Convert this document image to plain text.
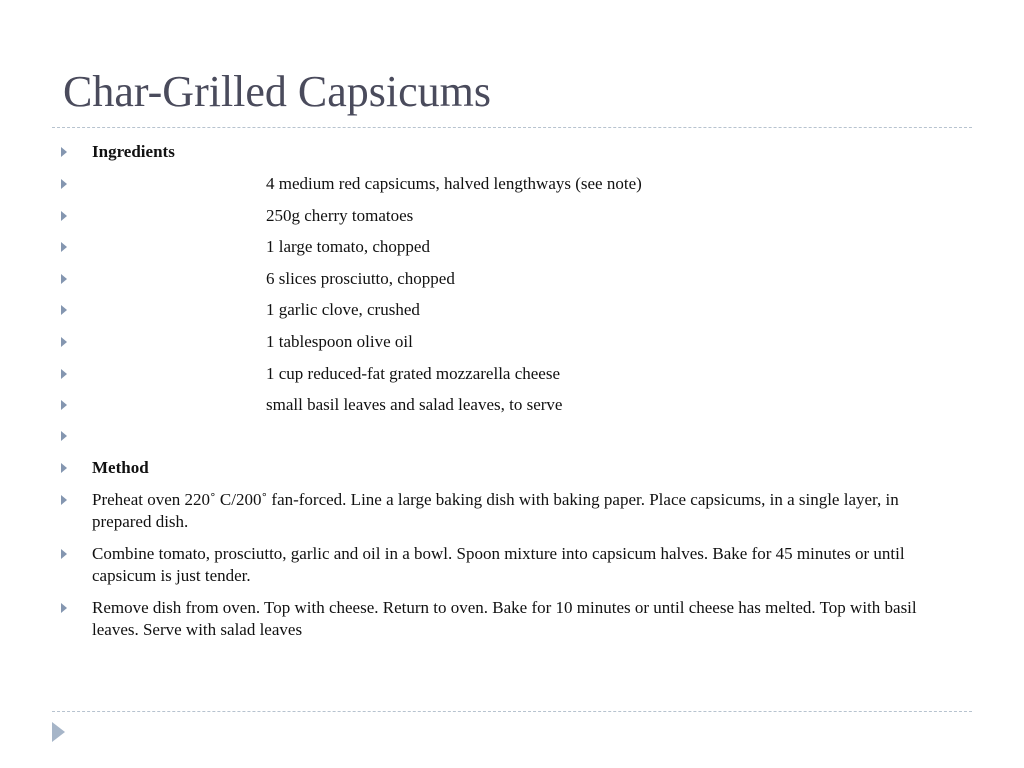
Char-Grilled Capsicums
Ingredients
4 medium red capsicums, halved lengthways (see note)
250g cherry tomatoes
1 large tomato, chopped
6 slices prosciutto, chopped
1 garlic clove, crushed
1 tablespoon olive oil
1 cup reduced-fat grated mozzarella cheese
small basil leaves and salad leaves, to serve
Method
Preheat oven 220˚ C/200˚ fan-forced. Line a large baking dish with baking paper. Place capsicums, in a single layer, in prepared dish.
Combine tomato, prosciutto, garlic and oil in a bowl. Spoon mixture into capsicum halves. Bake for 45 minutes or until capsicum is just tender.
Remove dish from oven. Top with cheese. Return to oven. Bake for 10 minutes or until cheese has melted. Top with basil leaves. Serve with salad leaves
